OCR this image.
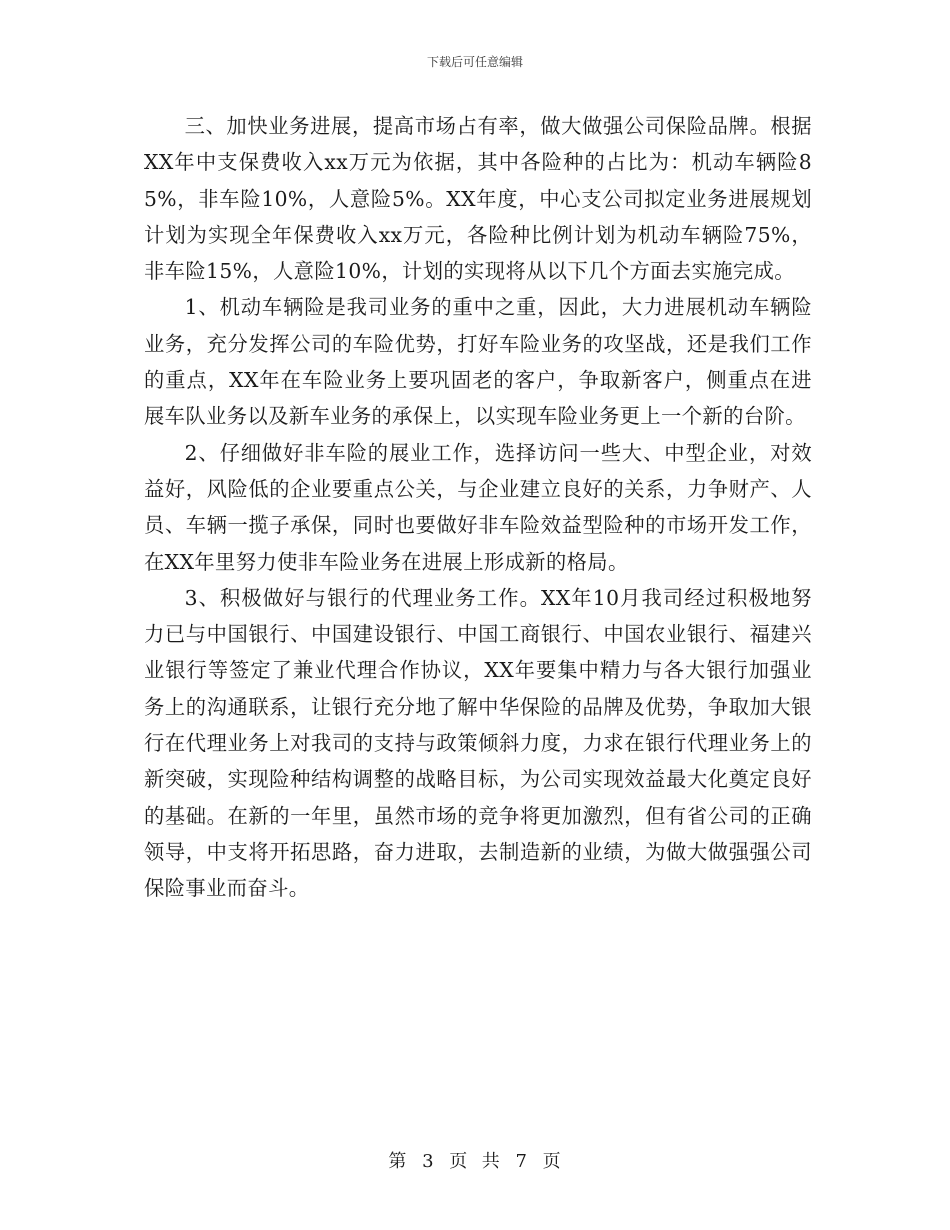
下载后可任意编辑

三、加快业务进展，提高市场占有率，做大做强公司保险品牌。根据XX年中支保费收入xx万元为依据，其中各险种的占比为：机动车辆险85%，非车险10%，人意险5%。XX年度，中心支公司拟定业务进展规划计划为实现全年保费收入xx万元，各险种比例计划为机动车辆险75%，非车险15%，人意险10%，计划的实现将从以下几个方面去实施完成。

1、机动车辆险是我司业务的重中之重，因此，大力进展机动车辆险业务，充分发挥公司的车险优势，打好车险业务的攻坚战，还是我们工作的重点，XX年在车险业务上要巩固老的客户，争取新客户，侧重点在进展车队业务以及新车业务的承保上，以实现车险业务更上一个新的台阶。

2、仔细做好非车险的展业工作，选择访问一些大、中型企业，对效益好，风险低的企业要重点公关，与企业建立良好的关系，力争财产、人员、车辆一揽子承保，同时也要做好非车险效益型险种的市场开发工作，在XX年里努力使非车险业务在进展上形成新的格局。

3、积极做好与银行的代理业务工作。XX年10月我司经过积极地努力已与中国银行、中国建设银行、中国工商银行、中国农业银行、福建兴业银行等签定了兼业代理合作协议，XX年要集中精力与各大银行加强业务上的沟通联系，让银行充分地了解中华保险的品牌及优势，争取加大银行在代理业务上对我司的支持与政策倾斜力度，力求在银行代理业务上的新突破，实现险种结构调整的战略目标，为公司实现效益最大化奠定良好的基础。在新的一年里，虽然市场的竞争将更加激烈，但有省公司的正确领导，中支将开拓思路，奋力进取，去制造新的业绩，为做大做强强公司保险事业而奋斗。

第 3 页  共 7 页
